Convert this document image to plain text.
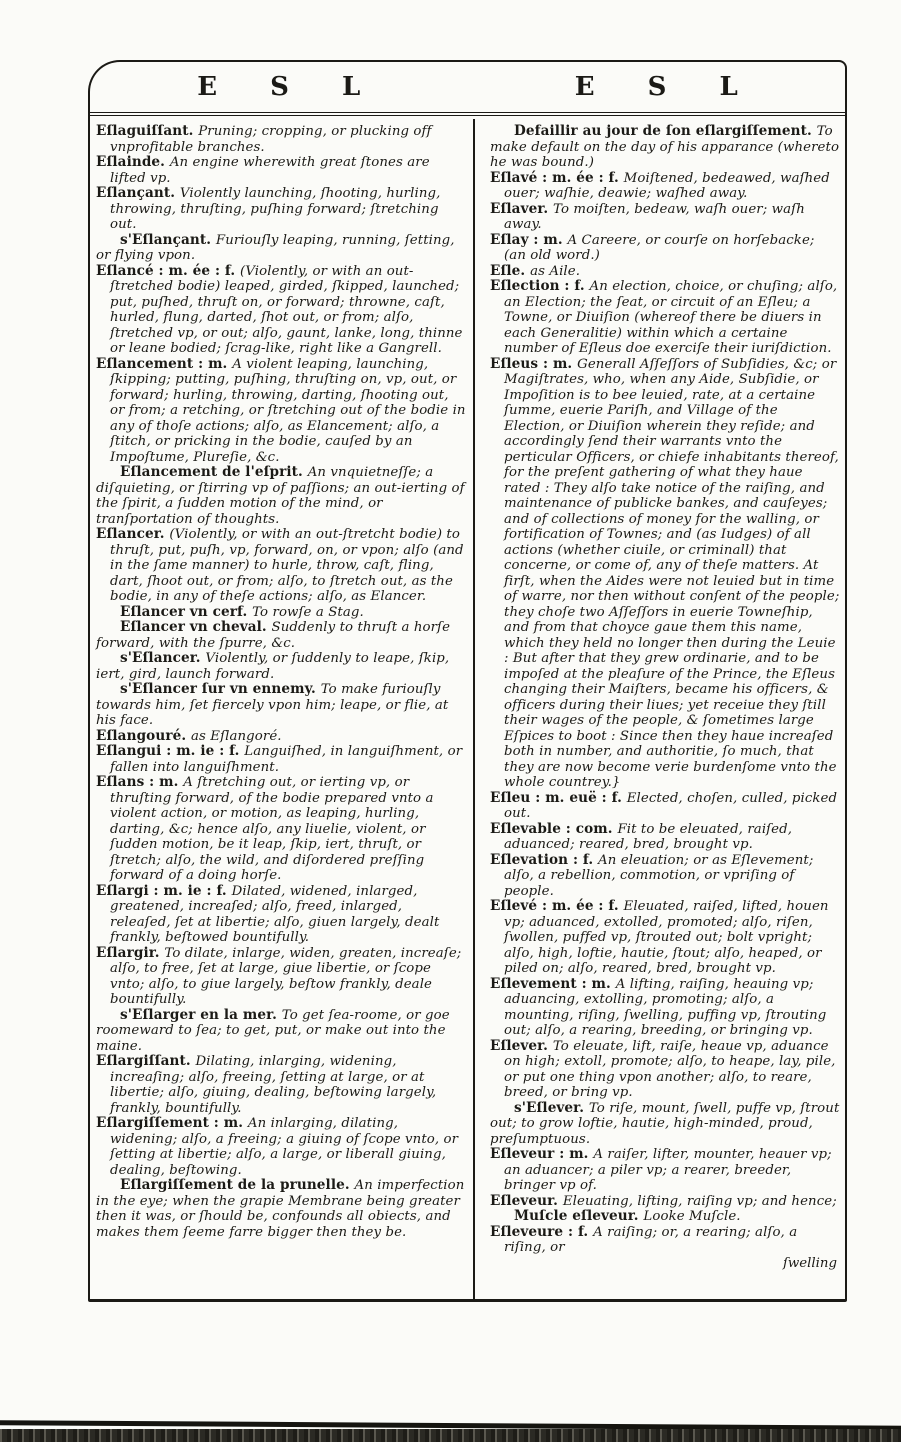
E S L	E S L

Eſlaguiſſant. Pruning; cropping, or plucking off vnprofitable branches.

Eſlainde. An engine wherewith great ſtones are lifted vp.

Eſlançant. Violently launching, ſhooting, hurling, throwing, thruſting, puſhing forward; ſtretching out.

s'Eſlançant. Furiouſly leaping, running, ſetting, or flying vpon.

Eſlancé : m. ée : f. (Violently, or with an out-ſtretched bodie) leaped, girded, ſkipped, launched; put, puſhed, thruſt on, or forward; throwne, caſt, hurled, flung, darted, ſhot out, or from; alſo, ſtretched vp, or out; alſo, gaunt, lanke, long, thinne or leane bodied; ſcrag-like, right like a Gangrell.

Eſlancement : m. A violent leaping, launching, ſkipping; putting, puſhing, thruſting on, vp, out, or forward; hurling, throwing, darting, ſhooting out, or from; a retching, or ſtretching out of the bodie in any of thoſe actions; alſo, as Elancement; alſo, a ſtitch, or pricking in the bodie, cauſed by an Impoſtume, Plureſie, &c.

Eſlancement de l'eſprit. An vnquietneſſe; a diſquieting, or ſtirring vp of paſſions; an out-ierting of the ſpirit, a ſudden motion of the mind, or tranſportation of thoughts.

Eſlancer. (Violently, or with an out-ſtretcht bodie) to thruſt, put, puſh, vp, forward, on, or vpon; alſo (and in the ſame manner) to hurle, throw, caſt, fling, dart, ſhoot out, or from; alſo, to ſtretch out, as the bodie, in any of theſe actions; alſo, as Elancer.

Eſlancer vn cerf. To rowſe a Stag.

Eſlancer vn cheval. Suddenly to thruſt a horſe forward, with the ſpurre, &c.

s'Eſlancer. Violently, or ſuddenly to leape, ſkip, iert, gird, launch forward.

s'Eſlancer ſur vn ennemy. To make furiouſly towards him, ſet fiercely vpon him; leape, or flie, at his face.

Eſlangouré. as Eſlangoré.

Eſlangui : m. ie : f. Languiſhed, in languiſhment, or fallen into languiſhment.

Eſlans : m. A ſtretching out, or ierting vp, or thruſting forward, of the bodie prepared vnto a violent action, or motion, as leaping, hurling, darting, &c; hence alſo, any liuelie, violent, or ſudden motion, be it leap, ſkip, iert, thruſt, or ſtretch; alſo, the wild, and diſordered preſſing forward of a doing horſe.

Eſlargi : m. ie : f. Dilated, widened, inlarged, greatened, increaſed; alſo, freed, inlarged, releaſed, ſet at libertie; alſo, giuen largely, dealt frankly, beſtowed bountifully.

Eſlargir. To dilate, inlarge, widen, greaten, increaſe; alſo, to free, ſet at large, giue libertie, or ſcope vnto; alſo, to giue largely, beſtow frankly, deale bountifully.

s'Eſlarger en la mer. To get ſea-roome, or goe roomeward to ſea; to get, put, or make out into the maine.

Eſlargiſſant. Dilating, inlarging, widening, increaſing; alſo, freeing, ſetting at large, or at libertie; alſo, giuing, dealing, beſtowing largely, frankly, bountifully.

Eſlargiſſement : m. An inlarging, dilating, widening; alſo, a freeing; a giuing of ſcope vnto, or ſetting at libertie; alſo, a large, or liberall giuing, dealing, beſtowing.

Eſlargiſſement de la prunelle. An imperfection in the eye; when the grapie Membrane being greater then it was, or ſhould be, confounds all obiects, and makes them ſeeme farre bigger then they be.

Defaillir au jour de ſon eſlargiſſement. To make default on the day of his apparance (whereto he was bound.)

Eſlavé : m. ée : f. Moiſtened, bedeawed, waſhed ouer; waſhie, deawie; waſhed away.

Eſlaver. To moiſten, bedeaw, waſh ouer; waſh away.

Eſlay : m. A Careere, or courſe on horſebacke; (an old word.)

Eſle. as Aile.

Eſlection : f. An election, choice, or chuſing; alſo, an Election; the ſeat, or circuit of an Eſleu; a Towne, or Diuiſion (whereof there be diuers in each Generalitie) within which a certaine number of Eſleus doe exerciſe their iuriſdiction.

Eſleus : m. Generall Aſſeſſors of Subſidies, &c; or Magiſtrates, who, when any Aide, Subſidie, or Impoſition is to bee leuied, rate, at a certaine ſumme, euerie Pariſh, and Village of the Election, or Diuiſion wherein they reſide; and accordingly ſend their warrants vnto the perticular Officers, or chiefe inhabitants thereof, for the preſent gathering of what they haue rated : They alſo take notice of the raiſing, and maintenance of publicke bankes, and cauſeyes; and of collections of money for the walling, or fortification of Townes; and (as Iudges) of all actions (whether ciuile, or criminall) that concerne, or come of, any of theſe matters. At firſt, when the Aides were not leuied but in time of warre, nor then without conſent of the people; they choſe two Aſſeſſors in euerie Towneſhip, and from that choyce gaue them this name, which they held no longer then during the Leuie : But after that they grew ordinarie, and to be impoſed at the pleaſure of the Prince, the Eſleus changing their Maiſters, became his officers, & officers during their liues; yet receiue they ſtill their wages of the people, & ſometimes large Eſpices to boot : Since then they haue increaſed both in number, and authoritie, ſo much, that they are now become verie burdenſome vnto the whole countrey.}

Eſleu : m. euë : f. Elected, choſen, culled, picked out.

Eſlevable : com. Fit to be eleuated, raiſed, aduanced; reared, bred, brought vp.

Eſlevation : f. An eleuation; or as Eſlevement; alſo, a rebellion, commotion, or vpriſing of people.

Eſlevé : m. ée : f. Eleuated, raiſed, lifted, houen vp; aduanced, extolled, promoted; alſo, riſen, ſwollen, puffed vp, ſtrouted out; bolt vpright; alſo, high, loftie, hautie, ſtout; alſo, heaped, or piled on; alſo, reared, bred, brought vp.

Eſlevement : m. A lifting, raiſing, heauing vp; aduancing, extolling, promoting; alſo, a mounting, riſing, ſwelling, puffing vp, ſtrouting out; alſo, a rearing, breeding, or bringing vp.

Eſlever. To eleuate, lift, raiſe, heaue vp, aduance on high; extoll, promote; alſo, to heape, lay, pile, or put one thing vpon another; alſo, to reare, breed, or bring vp.

s'Eſlever. To riſe, mount, ſwell, puffe vp, ſtrout out; to grow loftie, hautie, high-minded, proud, preſumptuous.

Eſleveur : m. A raiſer, lifter, mounter, heauer vp; an aduancer; a piler vp; a rearer, breeder, bringer vp of.

Eſleveur. Eleuating, lifting, raiſing vp; and hence;

Muſcle eſleveur. Looke Muſcle.

Eſleveure : f. A raiſing; or, a rearing; alſo, a riſing, or

ſwelling
